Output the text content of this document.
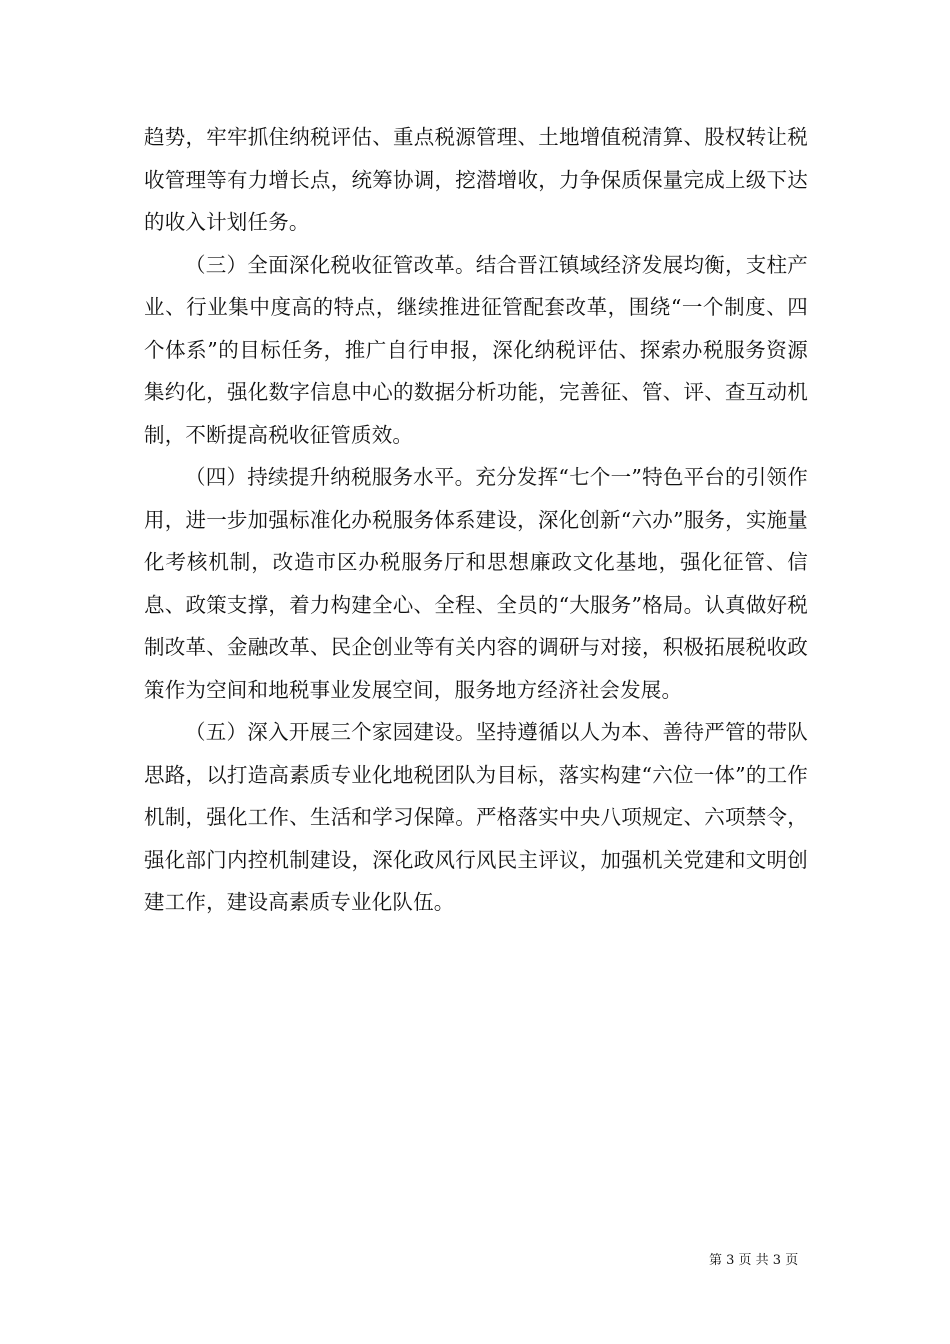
趋势，牢牢抓住纳税评估、重点税源管理、土地增值税清算、股权转让税收管理等有力增长点，统筹协调，挖潜增收，力争保质保量完成上级下达的收入计划任务。

（三）全面深化税收征管改革。结合晋江镇域经济发展均衡，支柱产业、行业集中度高的特点，继续推进征管配套改革，围绕“一个制度、四个体系”的目标任务，推广自行申报，深化纳税评估、探索办税服务资源集约化，强化数字信息中心的数据分析功能，完善征、管、评、查互动机制，不断提高税收征管质效。

（四）持续提升纳税服务水平。充分发挥“七个一”特色平台的引领作用，进一步加强标准化办税服务体系建设，深化创新“六办”服务，实施量化考核机制，改造市区办税服务厅和思想廉政文化基地，强化征管、信息、政策支撑，着力构建全心、全程、全员的“大服务”格局。认真做好税制改革、金融改革、民企创业等有关内容的调研与对接，积极拓展税收政策作为空间和地税事业发展空间，服务地方经济社会发展。

（五）深入开展三个家园建设。坚持遵循以人为本、善待严管的带队思路，以打造高素质专业化地税团队为目标，落实构建“六位一体”的工作机制，强化工作、生活和学习保障。严格落实中央八项规定、六项禁令，强化部门内控机制建设，深化政风行风民主评议，加强机关党建和文明创建工作，建设高素质专业化队伍。

第 3 页 共 3 页
